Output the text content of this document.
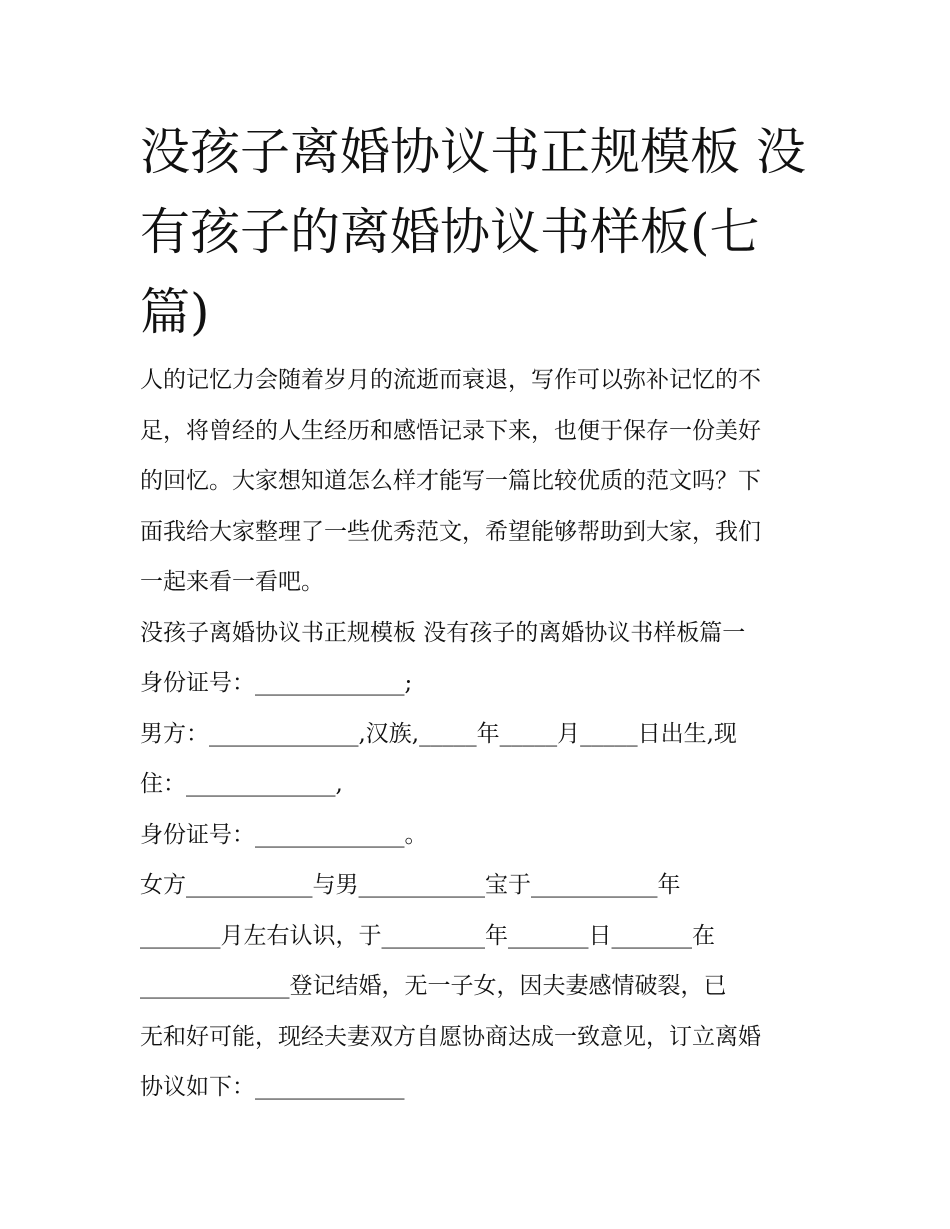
没孩子离婚协议书正规模板 没
有孩子的离婚协议书样板(七
篇)

人的记忆力会随着岁月的流逝而衰退，写作可以弥补记忆的不

足，将曾经的人生经历和感悟记录下来，也便于保存一份美好

的回忆。大家想知道怎么样才能写一篇比较优质的范文吗？下

面我给大家整理了一些优秀范文，希望能够帮助到大家，我们

一起来看一看吧。

没孩子离婚协议书正规模板 没有孩子的离婚协议书样板篇一

身份证号：_____________;

男方：_____________,汉族,_____年_____月_____日出生,现

住：_____________,

身份证号：_____________。

女方___________与男___________宝于___________年

_______月左右认识，于_________年_______日_______在

_____________登记结婚，无一子女，因夫妻感情破裂，已

无和好可能，现经夫妻双方自愿协商达成一致意见，订立离婚

协议如下：_____________
